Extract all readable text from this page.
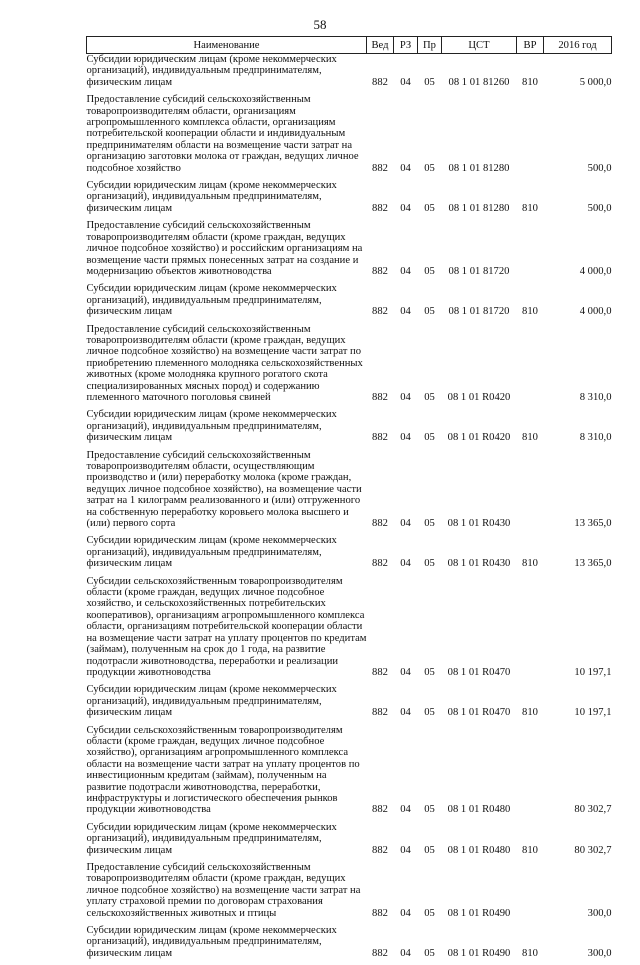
58
Наименование	Вед	РЗ	Пр	ЦСТ	ВР	2016 год
Субсидии юридическим лицам (кроме некоммерческих организаций), индивидуальным предпринимателям, физическим лицам	882	04	05	08 1 01 81260	810	5 000,0
Предоставление субсидий сельскохозяйственным товаропроизводителям области, организациям агропромышленного комплекса области, организациям потребительской кооперации области и индивидуальным предпринимателям области на возмещение части затрат на организацию заготовки молока от граждан, ведущих личное подсобное хозяйство	882	04	05	08 1 01 81280		500,0
Субсидии юридическим лицам (кроме некоммерческих организаций), индивидуальным предпринимателям, физическим лицам	882	04	05	08 1 01 81280	810	500,0
Предоставление субсидий сельскохозяйственным товаропроизводителям области (кроме граждан, ведущих личное подсобное хозяйство) и российским организациям на возмещение части прямых понесенных затрат на создание и модернизацию объектов животноводства	882	04	05	08 1 01 81720		4 000,0
Субсидии юридическим лицам (кроме некоммерческих организаций), индивидуальным предпринимателям, физическим лицам	882	04	05	08 1 01 81720	810	4 000,0
Предоставление субсидий сельскохозяйственным товаропроизводителям области (кроме граждан, ведущих личное подсобное хозяйство) на возмещение части затрат по приобретению племенного молодняка сельскохозяйственных животных (кроме молодняка крупного рогатого скота специализированных мясных пород) и содержанию племенного маточного поголовья свиней	882	04	05	08 1 01 R0420		8 310,0
Субсидии юридическим лицам (кроме некоммерческих организаций), индивидуальным предпринимателям, физическим лицам	882	04	05	08 1 01 R0420	810	8 310,0
Предоставление субсидий сельскохозяйственным товаропроизводителям области, осуществляющим производство и (или) переработку молока (кроме граждан, ведущих личное подсобное хозяйство), на возмещение части затрат на 1 килограмм реализованного и (или) отгруженного на собственную переработку коровьего молока высшего и (или) первого сорта	882	04	05	08 1 01 R0430		13 365,0
Субсидии юридическим лицам (кроме некоммерческих организаций), индивидуальным предпринимателям, физическим лицам	882	04	05	08 1 01 R0430	810	13 365,0
Субсидии сельскохозяйственным товаропроизводителям области (кроме граждан, ведущих личное подсобное хозяйство, и сельскохозяйственных потребительских кооперативов), организациям агропромышленного комплекса области, организациям потребительской кооперации области на возмещение части затрат на уплату процентов по кредитам (займам), полученным на срок до 1 года, на развитие подотрасли животноводства, переработки и реализации продукции животноводства	882	04	05	08 1 01 R0470		10 197,1
Субсидии юридическим лицам (кроме некоммерческих организаций), индивидуальным предпринимателям, физическим лицам	882	04	05	08 1 01 R0470	810	10 197,1
Субсидии сельскохозяйственным товаропроизводителям области (кроме граждан, ведущих личное подсобное хозяйство), организациям агропромышленного комплекса области на возмещение части затрат на уплату процентов по инвестиционным кредитам (займам), полученным на развитие подотрасли животноводства, переработки, инфраструктуры и логистического обеспечения рынков продукции животноводства	882	04	05	08 1 01 R0480		80 302,7
Субсидии юридическим лицам (кроме некоммерческих организаций), индивидуальным предпринимателям, физическим лицам	882	04	05	08 1 01 R0480	810	80 302,7
Предоставление субсидий сельскохозяйственным товаропроизводителям области (кроме граждан, ведущих личное подсобное хозяйство) на возмещение части затрат на уплату страховой премии по договорам страхования сельскохозяйственных животных и птицы	882	04	05	08 1 01 R0490		300,0
Субсидии юридическим лицам (кроме некоммерческих организаций), индивидуальным предпринимателям, физическим лицам	882	04	05	08 1 01 R0490	810	300,0
